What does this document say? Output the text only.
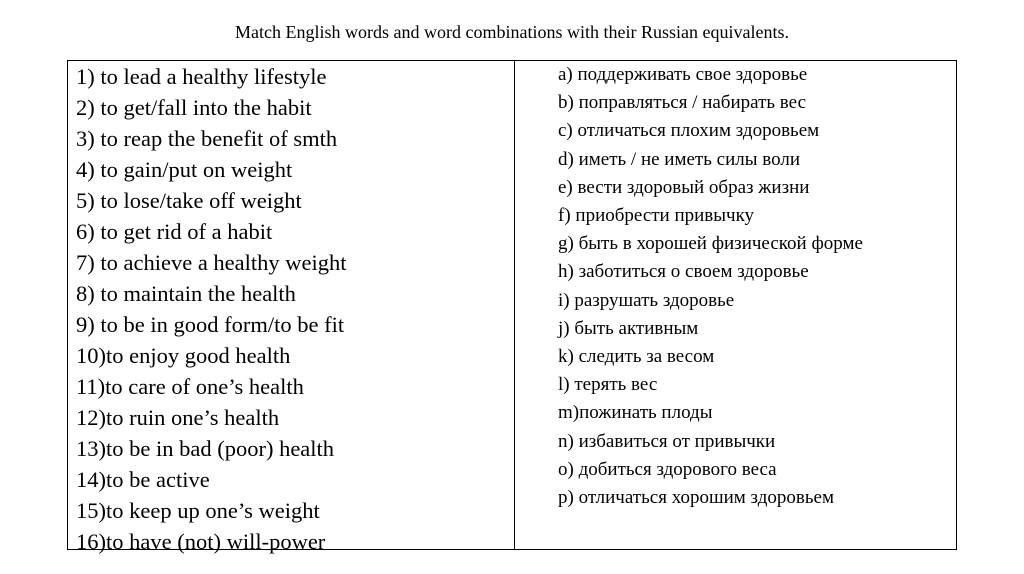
Match English words and word combinations with their Russian equivalents.
1) to lead a healthy lifestyle
2) to get/fall into the habit
3) to reap the benefit of smth
4) to gain/put on weight
5) to lose/take off weight
6) to get rid of a habit
7) to achieve a healthy weight
8) to maintain the health
9) to be in good form/to be fit
10)to enjoy good health
11)to care of one’s health
12)to ruin one’s health
13)to be in bad (poor) health
14)to be active
15)to keep up one’s weight
16)to have (not) will-power
a) поддерживать свое здоровье
b) поправляться / набирать вес
c) отличаться плохим здоровьем
d) иметь / не иметь силы воли
e) вести здоровый образ жизни
f) приобрести привычку
g) быть в хорошей физической форме
h) заботиться о своем здоровье
i) разрушать здоровье
j) быть активным
k) следить за весом
l) терять вес
m)пожинать плоды
n) избавиться от привычки
o) добиться здорового веса
p) отличаться хорошим здоровьем
